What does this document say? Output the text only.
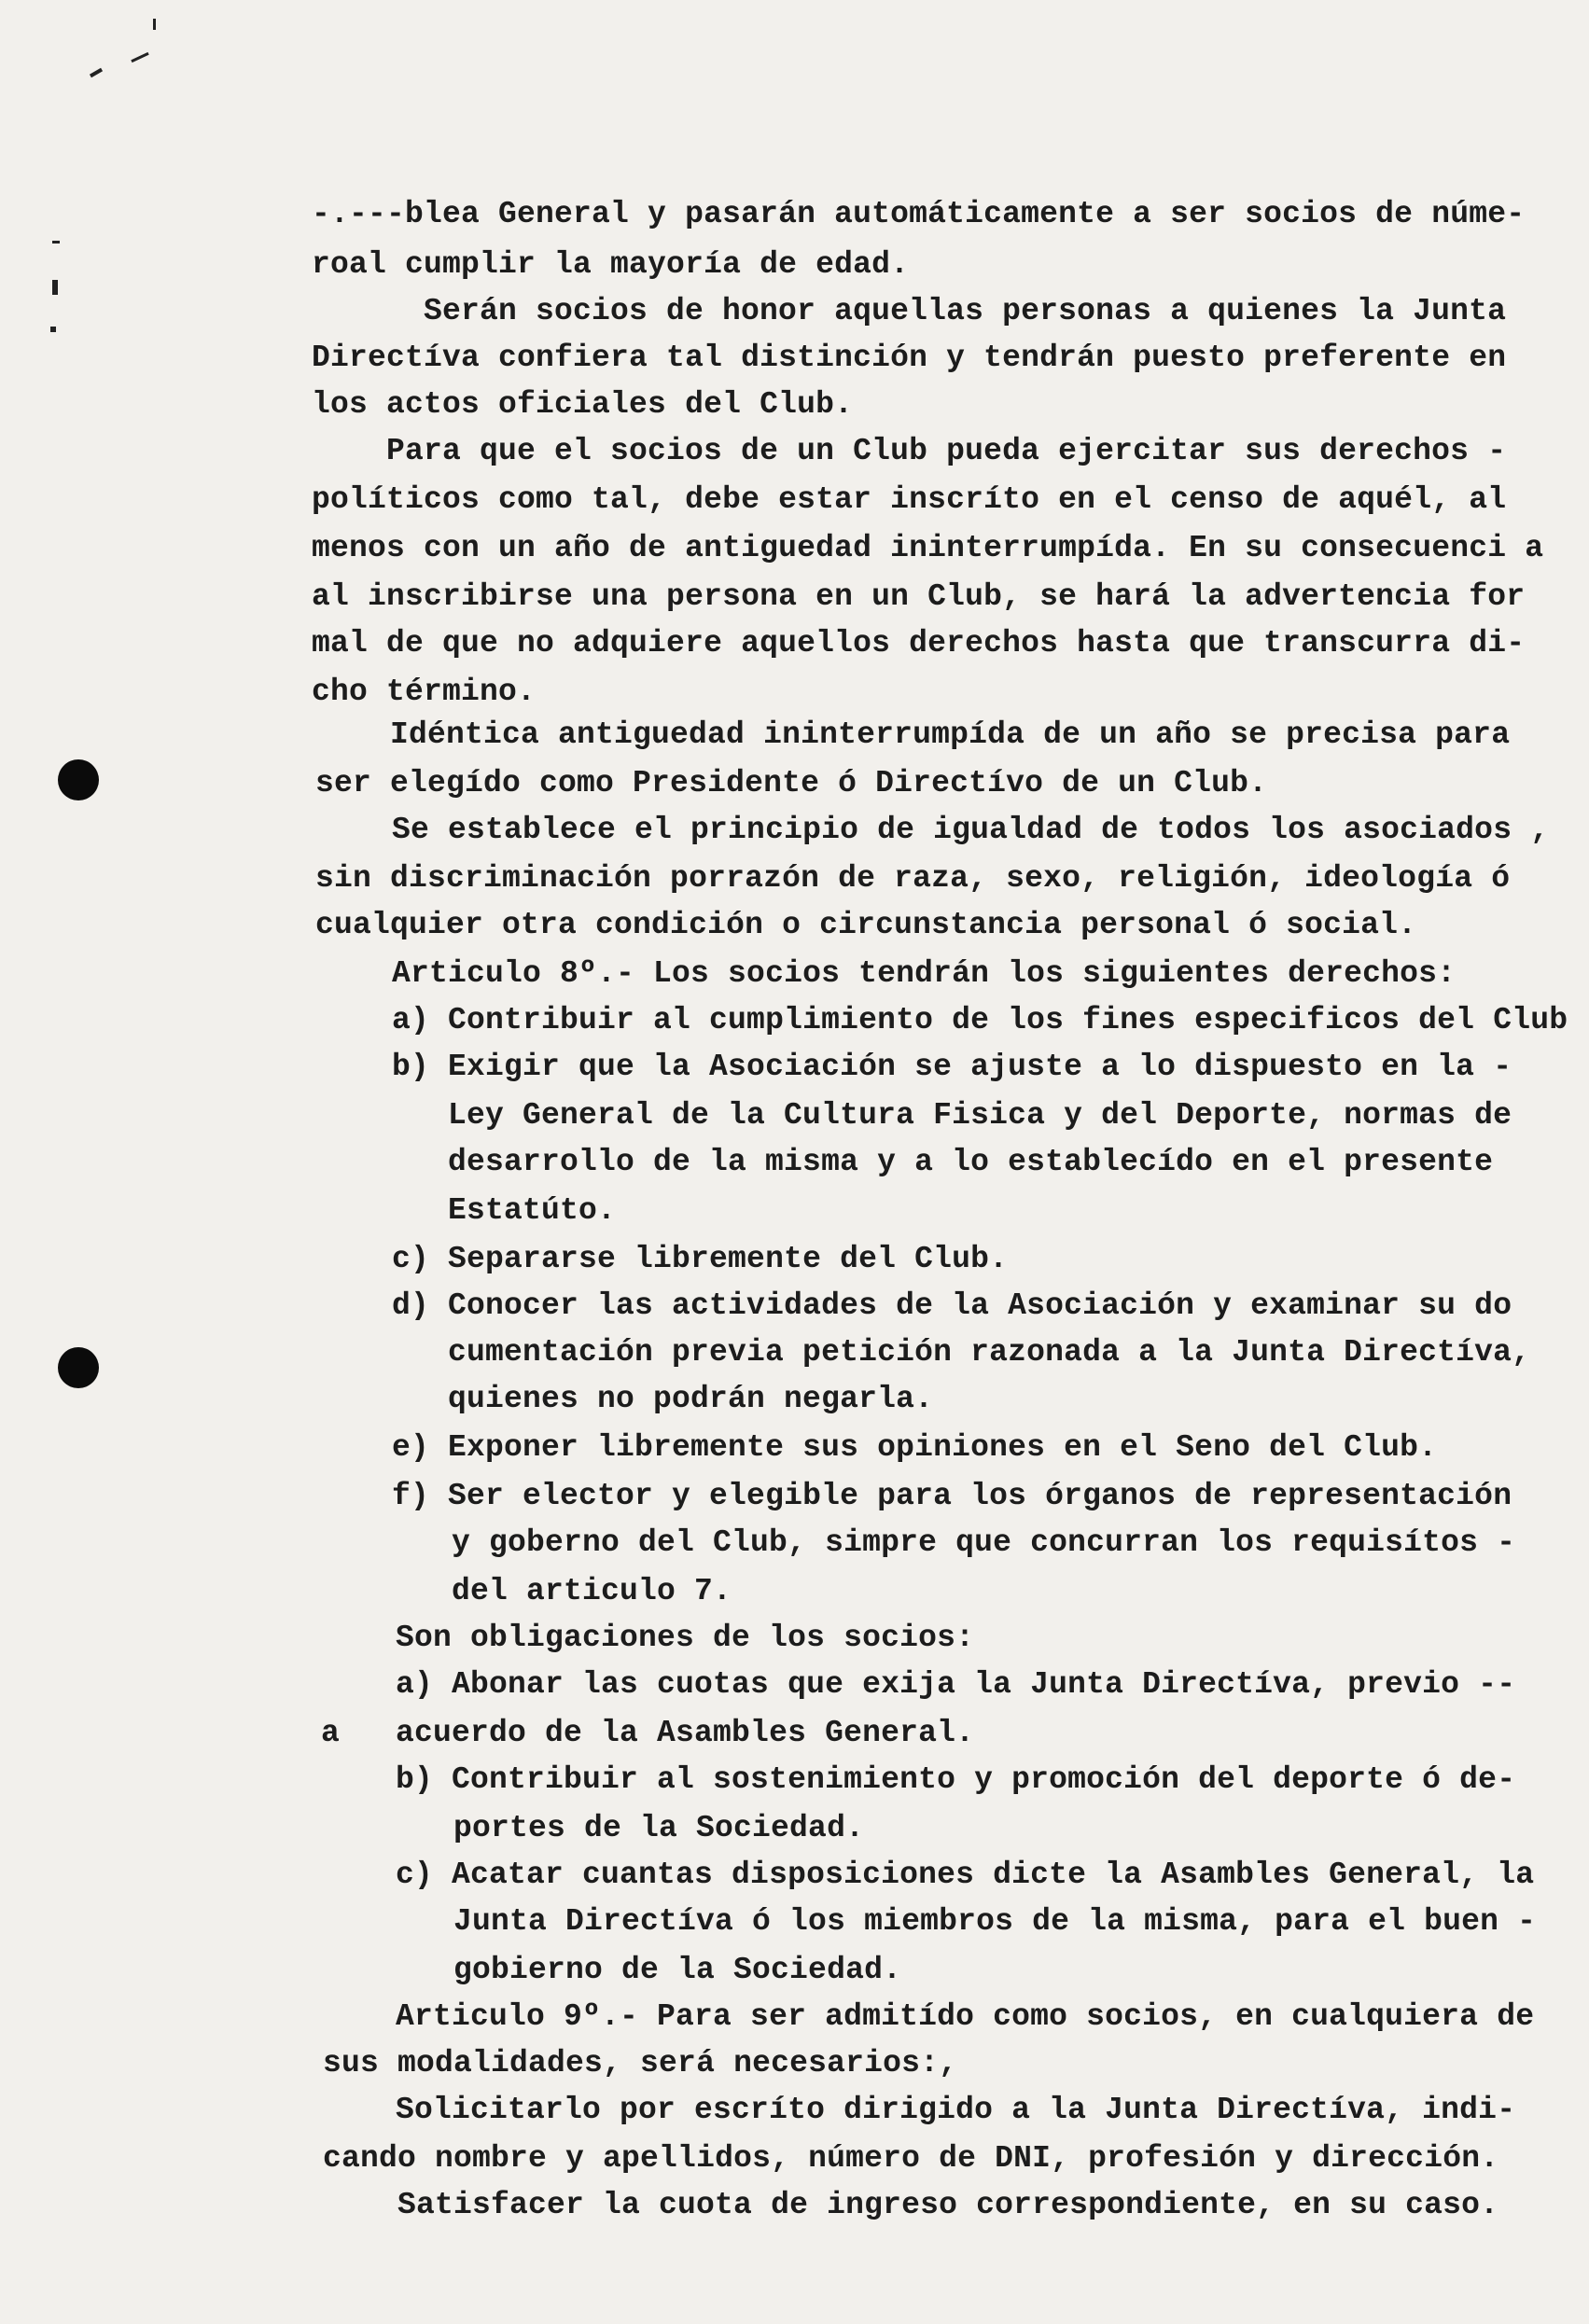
-.---blea General y pasarán automáticamente a ser socios de núme-
roal cumplir la mayoría de edad.
Serán socios de honor aquellas personas a quienes la Junta
Directíva confiera tal distinción y tendrán puesto preferente en
los actos oficiales del Club.
Para que el socios de un Club pueda ejercitar sus derechos -
políticos como tal, debe estar inscríto en el censo de aquél, al
menos con un año de antiguedad ininterrumpída. En su consecuenci a
al inscribirse una persona en un Club, se hará la advertencia for
mal de que no adquiere aquellos derechos hasta que transcurra di-
cho término.
Idéntica antiguedad ininterrumpída de un año se precisa para
ser elegído como Presidente ó Directívo de un Club.
Se establece el principio de igualdad de todos los asociados ,
sin discriminación porrazón de raza, sexo, religión, ideología ó
cualquier otra condición o circunstancia personal ó social.
Articulo 8º.- Los socios tendrán los siguientes derechos:
a) Contribuir al cumplimiento de los fines especificos del Club
b) Exigir que la Asociación se ajuste a lo dispuesto en la -
Ley General de la Cultura Fisica y del Deporte, normas de
desarrollo de la misma y a lo establecído en el presente
Estatúto.
c) Separarse libremente del Club.
d) Conocer las actividades de la Asociación y examinar su do
cumentación previa petición razonada a la Junta Directíva,
quienes no podrán negarla.
e) Exponer libremente sus opiniones en el Seno del Club.
f) Ser elector y elegible para los órganos de representación
y goberno del Club, simpre que concurran los requisítos -
del articulo 7.
Son obligaciones de los socios:
a) Abonar las cuotas que exija la Junta Directíva, previo --
a acuerdo de la Asambles General.
b) Contribuir al sostenimiento y promoción del deporte ó de-
portes de la Sociedad.
c) Acatar cuantas disposiciones dicte la Asambles General, la
Junta Directíva ó los miembros de la misma, para el buen -
gobierno de la Sociedad.
Articulo 9º.- Para ser admitído como socios, en cualquiera de
sus modalidades, será necesarios:,
Solicitarlo por escríto dirigido a la Junta Directíva, indi-
cando nombre y apellidos, número de DNI, profesión y dirección.
Satisfacer la cuota de ingreso correspondiente, en su caso.
